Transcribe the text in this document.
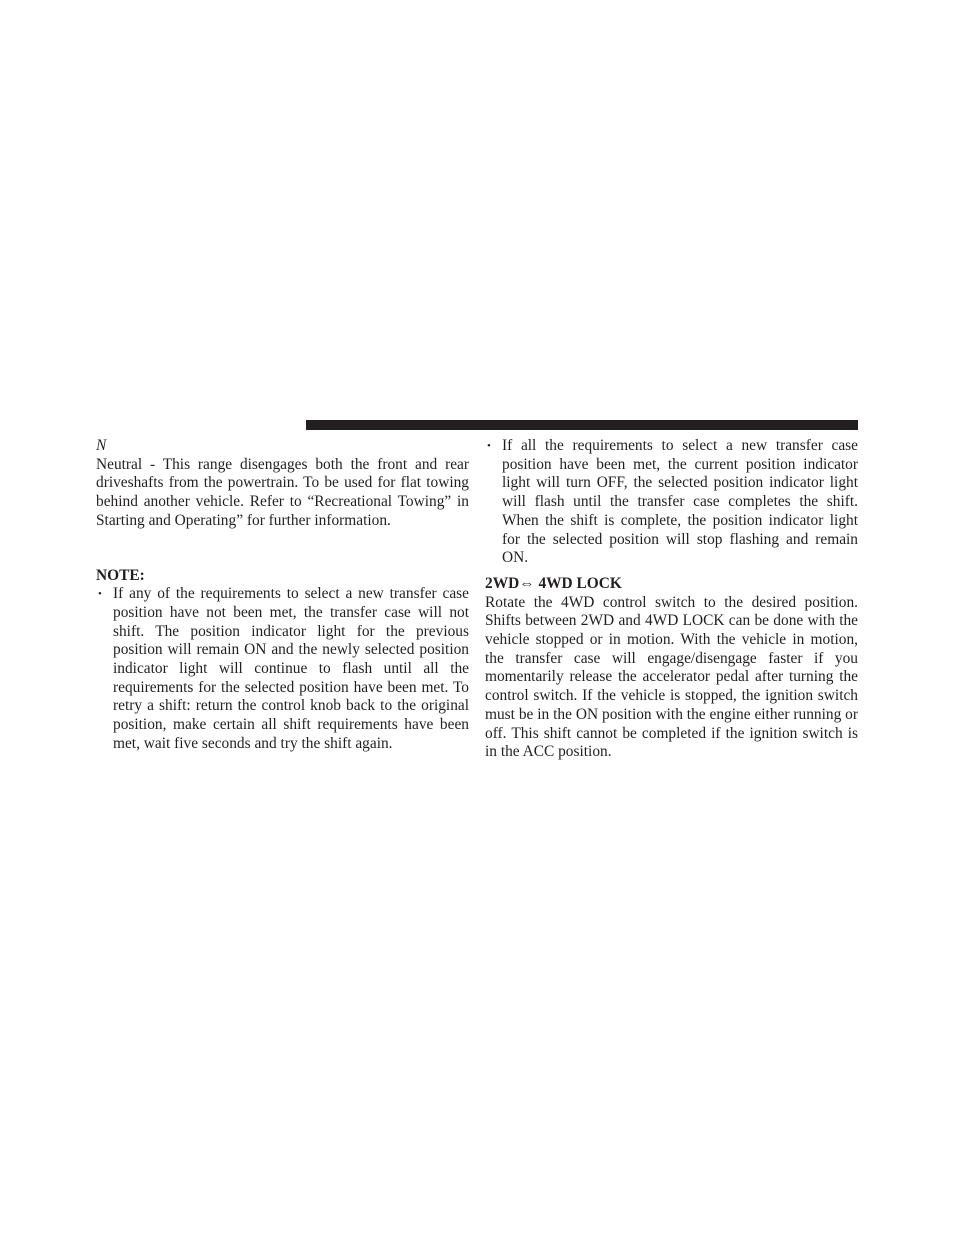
N

Neutral - This range disengages both the front and rear driveshafts from the powertrain. To be used for flat towing behind another vehicle. Refer to “Recreational Towing” in Starting and Operating” for further information.

NOTE:

• If any of the requirements to select a new transfer case position have not been met, the transfer case will not shift. The position indicator light for the previous position will remain ON and the newly selected position indicator light will continue to flash until all the requirements for the selected position have been met. To retry a shift: return the control knob back to the original position, make certain all shift requirements have been met, wait five seconds and try the shift again.
• If all the requirements to select a new transfer case position have been met, the current position indicator light will turn OFF, the selected position indicator light will flash until the transfer case completes the shift. When the shift is complete, the position indicator light for the selected position will stop flashing and remain ON.

2WD⇔ 4WD LOCK

Rotate the 4WD control switch to the desired position. Shifts between 2WD and 4WD LOCK can be done with the vehicle stopped or in motion. With the vehicle in motion, the transfer case will engage/disengage faster if you momentarily release the accelerator pedal after turning the control switch. If the vehicle is stopped, the ignition switch must be in the ON position with the engine either running or off. This shift cannot be completed if the ignition switch is in the ACC position.
